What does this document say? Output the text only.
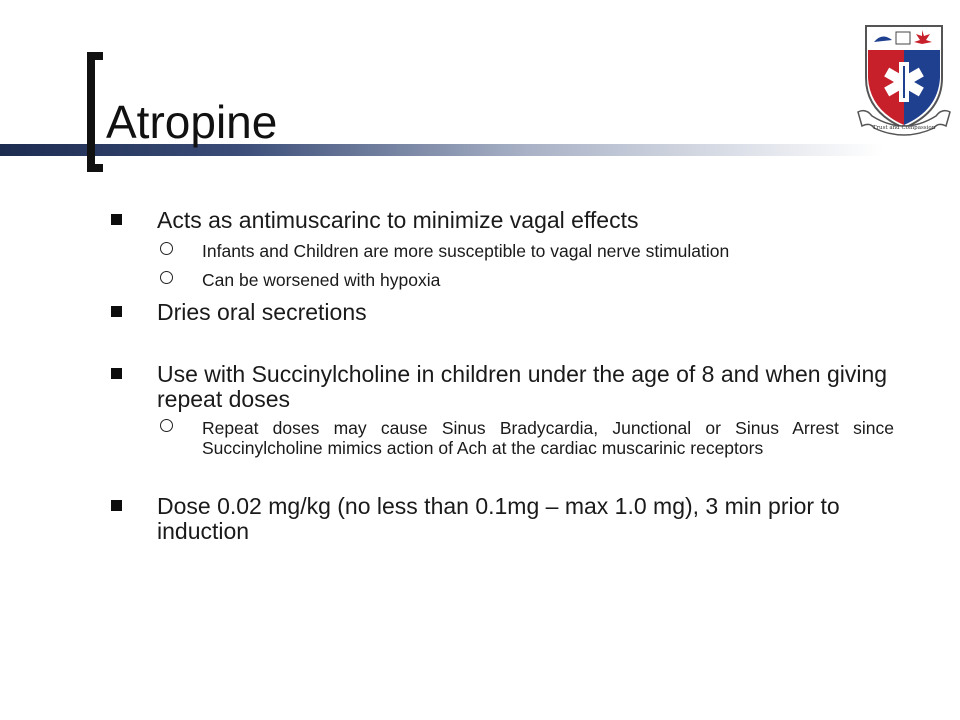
Atropine	Trust and Compassion
Acts as antimuscarinc to minimize vagal effects
Infants and Children are more susceptible to vagal nerve stimulation
Can be worsened with hypoxia
Dries oral secretions
Use with Succinylcholine in children under the age of 8 and when giving repeat doses
Repeat doses may cause Sinus Bradycardia, Junctional or Sinus Arrest since Succinylcholine mimics action of Ach at the cardiac muscarinic receptors
Dose 0.02 mg/kg (no less than 0.1mg – max 1.0 mg), 3 min prior to induction
